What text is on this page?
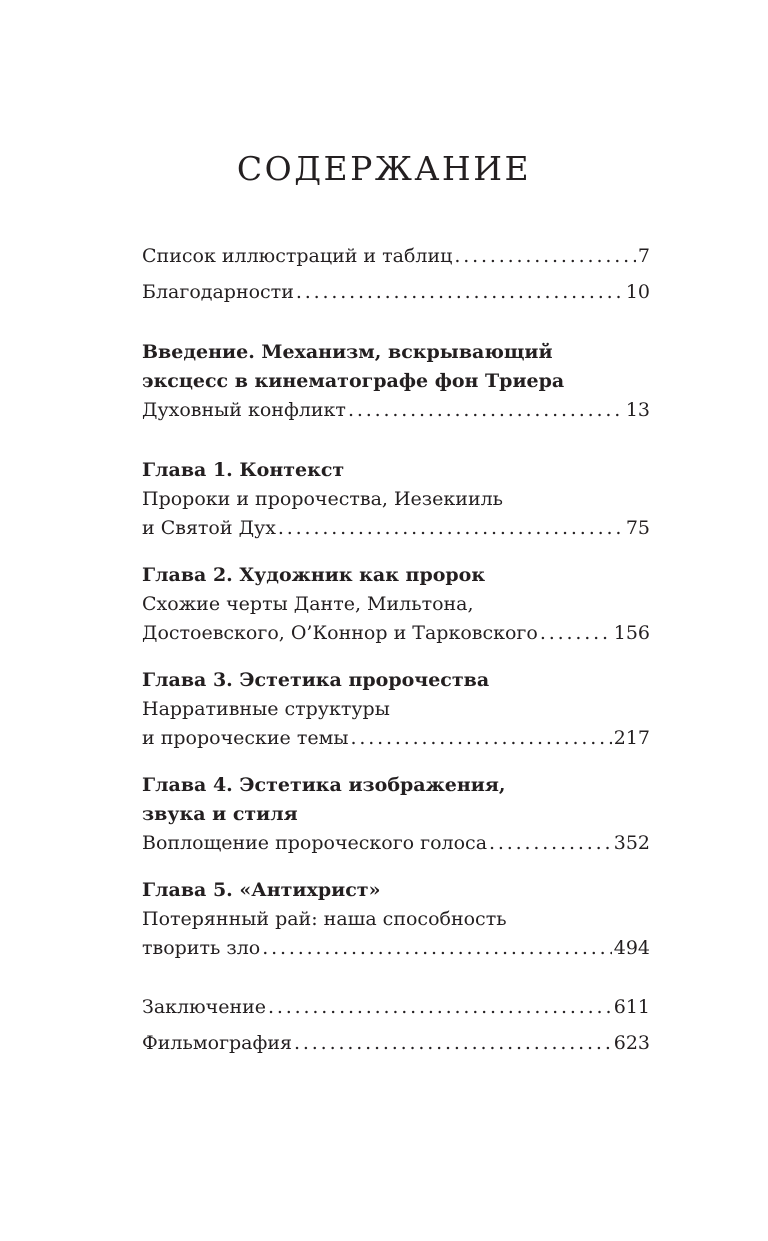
СОДЕРЖАНИЕ
Список иллюстраций и таблиц . . .	7
Благодарности . . .	10
Введение. Механизм, вскрывающий
эксцесс в кинематографе фон Триера
Духовный конфликт . . .	13
Глава 1. Контекст
Пророки и пророчества, Иезекииль
и Святой Дух . . .	75
Глава 2. Художник как пророк
Схожие черты Данте, Мильтона,
Достоевского, О’Коннор и Тарковского . . .	156
Глава 3. Эстетика пророчества
Нарративные структуры
и пророческие темы . . .	217
Глава 4. Эстетика изображения,
звука и стиля
Воплощение пророческого голоса . . .	352
Глава 5. «Антихрист»
Потерянный рай: наша способность
творить зло . . .	494
Заключение . . .	611
Фильмография . . .	623
